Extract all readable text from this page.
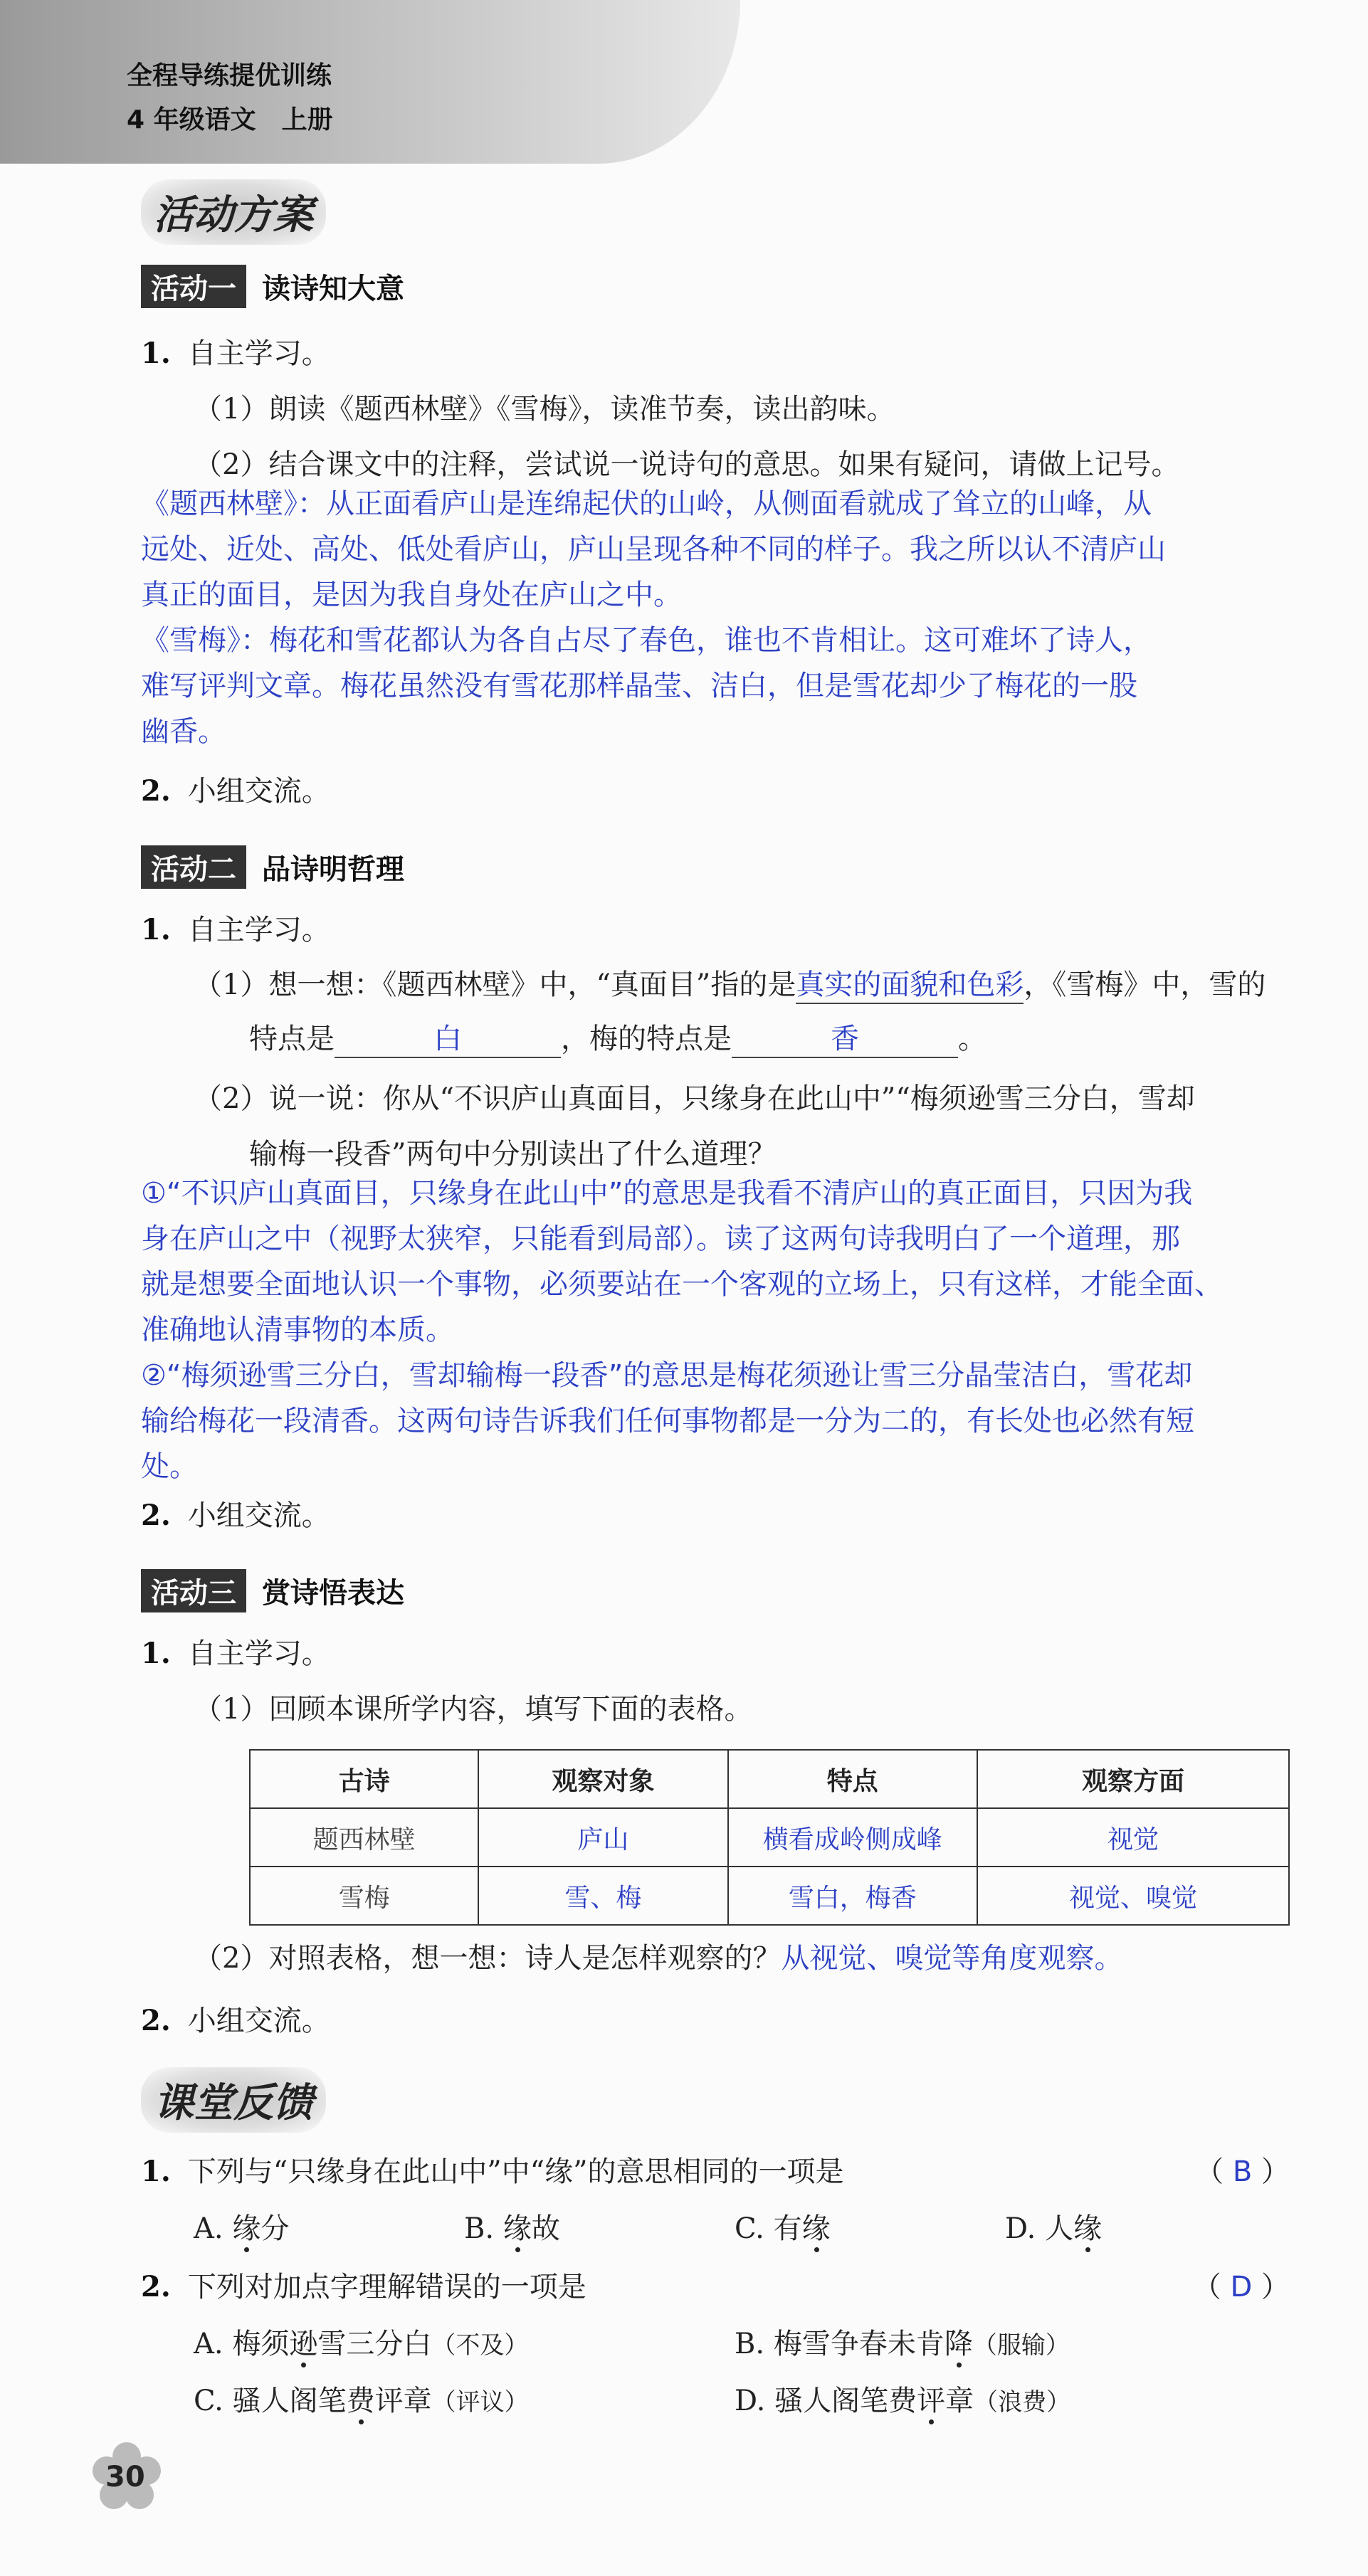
全程导练提优训练
4 年级语文　上册
活动方案
活动一 读诗知大意
1. 自主学习。
（1）朗读《题西林壁》《雪梅》，读准节奏，读出韵味。
（2）结合课文中的注释，尝试说一说诗句的意思。如果有疑问，请做上记号。
《题西林壁》：从正面看庐山是连绵起伏的山岭，从侧面看就成了耸立的山峰，从
远处、近处、高处、低处看庐山，庐山呈现各种不同的样子。我之所以认不清庐山
真正的面目，是因为我自身处在庐山之中。
《雪梅》：梅花和雪花都认为各自占尽了春色，谁也不肯相让。这可难坏了诗人，
难写评判文章。梅花虽然没有雪花那样晶莹、洁白，但是雪花却少了梅花的一股
幽香。
2. 小组交流。
活动二 品诗明哲理
1. 自主学习。
（1）想一想：《题西林壁》中，“真面目”指的是真实的面貌和色彩，《雪梅》中，雪的
特点是	白	，梅的特点是	香	。
（2）说一说：你从“不识庐山真面目，只缘身在此山中”“梅须逊雪三分白，雪却
输梅一段香”两句中分别读出了什么道理？
①“不识庐山真面目，只缘身在此山中”的意思是我看不清庐山的真正面目，只因为我
身在庐山之中（视野太狭窄，只能看到局部）。读了这两句诗我明白了一个道理，那
就是想要全面地认识一个事物，必须要站在一个客观的立场上，只有这样，才能全面、
准确地认清事物的本质。
②“梅须逊雪三分白，雪却输梅一段香”的意思是梅花须逊让雪三分晶莹洁白，雪花却
输给梅花一段清香。这两句诗告诉我们任何事物都是一分为二的，有长处也必然有短
处。
2. 小组交流。
活动三 赏诗悟表达
1. 自主学习。
（1）回顾本课所学内容，填写下面的表格。
古诗	观察对象	特点	观察方面
题西林壁	庐山	横看成岭侧成峰	视觉
雪梅	雪、梅	雪白，梅香	视觉、嗅觉
（2）对照表格，想一想：诗人是怎样观察的？从视觉、嗅觉等角度观察。
2. 小组交流。
课堂反馈
1. 下列与“只缘身在此山中”中“缘”的意思相同的一项是	（ B ）
A. 缘分	B. 缘故	C. 有缘	D. 人缘
2. 下列对加点字理解错误的一项是	（ D ）
A. 梅须逊雪三分白（不及）	B. 梅雪争春未肯降（服输）
C. 骚人阁笔费评章（评议）	D. 骚人阁笔费评章（浪费）
30
